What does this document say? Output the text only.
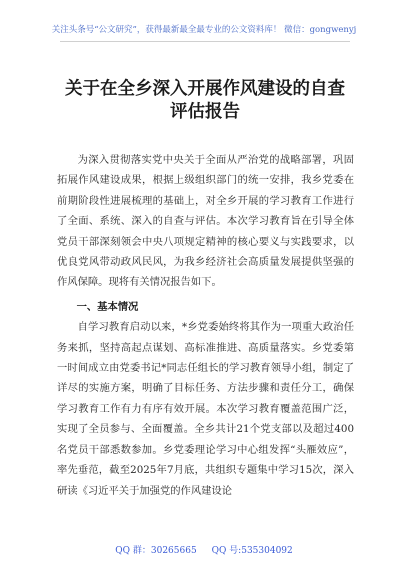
关注头条号“公文研究”，获得最新最全最专业的公文资料库！ 微信：gongwenyj
关于在全乡深入开展作风建设的自查
评估报告

为深入贯彻落实党中央关于全面从严治党的战略部署，巩固拓展作风建设成果，根据上级组织部门的统一安排，我乡党委在前期阶段性进展梳理的基础上，对全乡开展的学习教育工作进行了全面、系统、深入的自查与评估。本次学习教育旨在引导全体党员干部深刻领会中央八项规定精神的核心要义与实践要求，以优良党风带动政风民风，为我乡经济社会高质量发展提供坚强的作风保障。现将有关情况报告如下。

一、基本情况

自学习教育启动以来，*乡党委始终将其作为一项重大政治任务来抓，坚持高起点谋划、高标准推进、高质量落实。乡党委第一时间成立由党委书记*同志任组长的学习教育领导小组，制定了详尽的实施方案，明确了目标任务、方法步骤和责任分工，确保学习教育工作有力有序有效开展。本次学习教育覆盖范围广泛，实现了全员参与、全面覆盖。全乡共计21个党支部以及超过400名党员干部悉数参加。乡党委理论学习中心组发挥“头雁效应”，率先垂范，截至2025年7月底，共组织专题集中学习15次，深入研读《习近平关于加强党的作风建设论

QQ 群：30265665 QQ 号:535304092
